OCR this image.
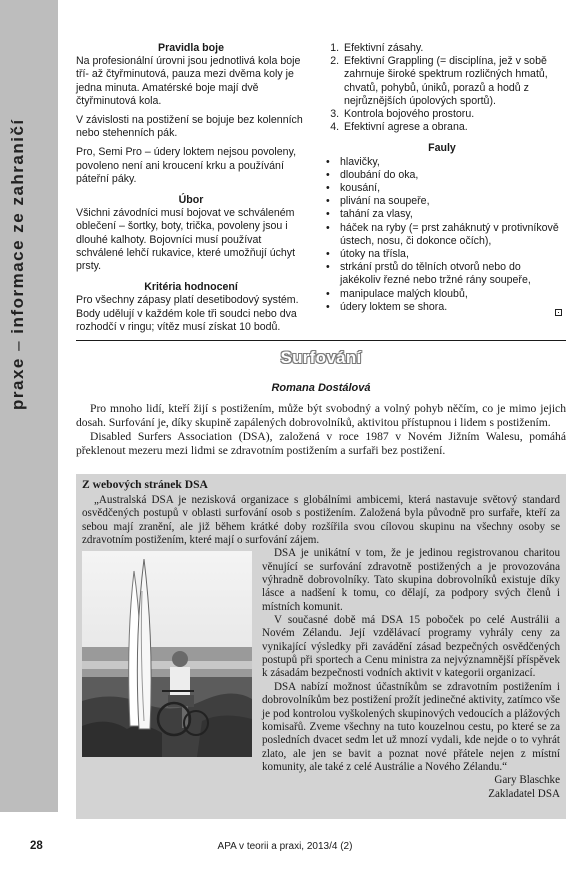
praxe – informace ze zahraničí
Pravidla boje

Na profesionální úrovni jsou jednotlivá kola boje tří- až čtyřminutová, pauza mezi dvěma koly je jedna minuta. Amatérské boje mají dvě čtyřminutová kola.

V závislosti na postižení se bojuje bez kolenních nebo stehenních pák.

Pro, Semi Pro – údery loktem nejsou povoleny, povoleno není ani kroucení krku a používání páteřní páky.

Úbor

Všichni závodníci musí bojovat ve schváleném oblečení – šortky, boty, trička, povoleny jsou i dlouhé kalhoty. Bojovníci musí používat schválené lehčí rukavice, které umožňují úchyt prsty.

Kritéria hodnocení

Pro všechny zápasy platí desetibodový systém. Body udělují v každém kole tři soudci nebo dva rozhodčí v ringu; vítěz musí získat 10 bodů.

1. Efektivní zásahy.
2. Efektivní Grappling (= disciplína, jež v sobě zahrnuje široké spektrum rozličných hmatů, chvatů, pohybů, úniků, porazů a hodů z nejrůznějších úpolových sportů).
3. Kontrola bojového prostoru.
4. Efektivní agrese a obrana.
Fauly
• hlavičky,
• dloubání do oka,
• kousání,
• plivání na soupeře,
• tahání za vlasy,
• háček na ryby (= prst zaháknutý v protivníkově ústech, nosu, či dokonce očích),
• útoky na třísla,
• strkání prstů do tělních otvorů nebo do jakékoliv řezné nebo tržné rány soupeře,
• manipulace malých kloubů,
• údery loktem se shora.
Surfování
Romana Dostálová

Pro mnoho lidí, kteří žijí s postižením, může být svobodný a volný pohyb něčím, co je mimo jejich dosah. Surfování je, díky skupině zapálených dobrovolníků, aktivitou přístupnou i lidem s postižením.

Disabled Surfers Association (DSA), založená v roce 1987 v Novém Jižním Walesu, pomáhá překlenout mezeru mezi lidmi se zdravotním postižením a surfaři bez postižení.

Z webových stránek DSA

„Australská DSA je nezisková organizace s globálními ambicemi, která nastavuje světový standard osvědčených postupů v oblasti surfování osob s postižením. Založená byla původně pro surfaře, kteří za sebou mají zranění, ale již během krátké doby rozšířila svou cílovou skupinu na všechny osoby se zdravotním postižením, které mají o surfování zájem.

DSA je unikátní v tom, že je jedinou registrovanou charitou věnující se surfování zdravotně postižených a je provozována výhradně dobrovolníky. Tato skupina dobrovolníků existuje díky lásce a nadšení k tomu, co dělají, za podpory svých členů i místních komunit.

V současné době má DSA 15 poboček po celé Austrálii a Novém Zélandu. Její vzdělávací programy vyhrály ceny za vynikající výsledky při zavádění zásad bezpečných osvědčených postupů při sportech a Cenu ministra za nejvýznamnější příspěvek k zásadám bezpečnosti vodních aktivit v kategorii organizací.

DSA nabízí možnost účastníkům se zdravotním postižením i dobrovolníkům bez postižení prožít jedinečné aktivity, zatímco vše je pod kontrolou vyškolených skupinových vedoucích a plážových komisařů. Zveme všechny na tuto kouzelnou cestu, po které se za posledních dvacet sedm let už mnozí vydali, kde nejde o to vyhrát zlato, ale jen se bavit a poznat nové přátele nejen z místní komunity, ale také z celé Austrálie a Nového Zélandu.“

Gary Blaschke

Zakladatel DSA

28	APA v teorii a praxi, 2013/4 (2)
